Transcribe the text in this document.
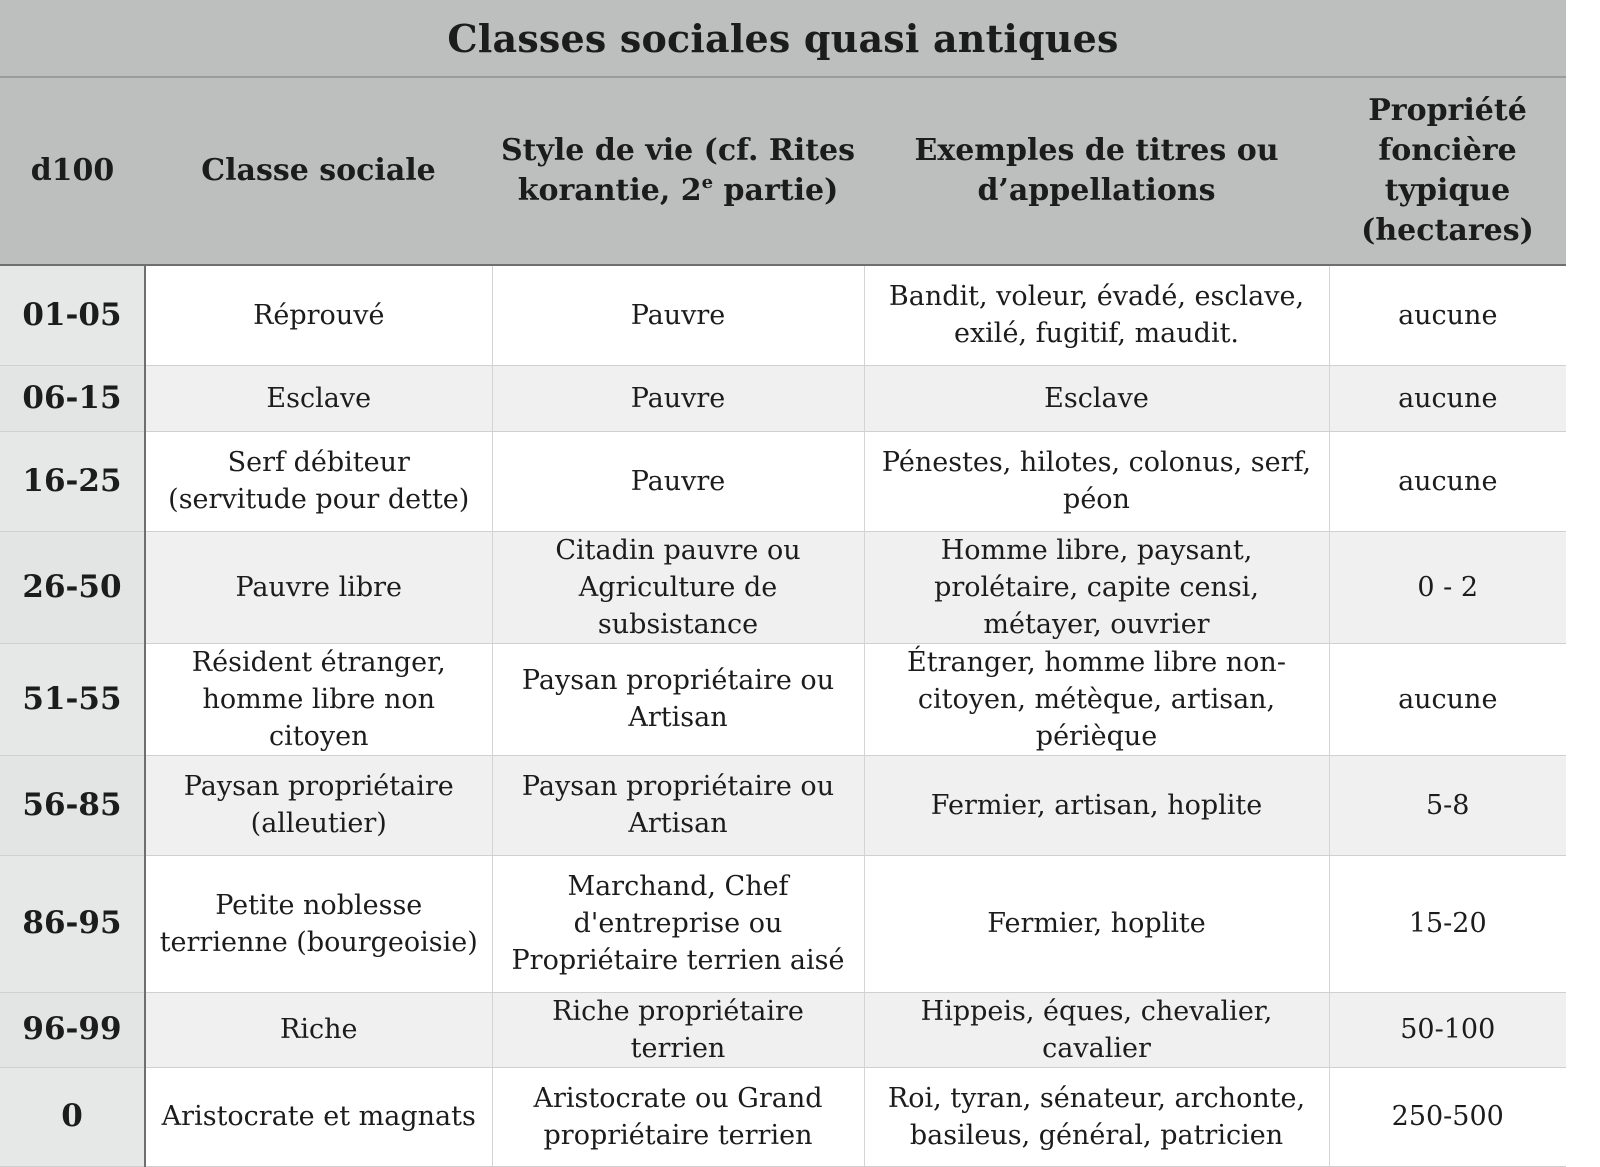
Classes sociales quasi antiques
d100	Classe sociale	Style de vie (cf. Rites korantie, 2e partie)	Exemples de titres ou d’appellations	Propriété foncière typique (hectares)
01-05	Réprouvé	Pauvre	Bandit, voleur, évadé, esclave, exilé, fugitif, maudit.	aucune
06-15	Esclave	Pauvre	Esclave	aucune
16-25	Serf débiteur (servitude pour dette)	Pauvre	Pénestes, hilotes, colonus, serf, péon	aucune
26-50	Pauvre libre	Citadin pauvre ou Agriculture de subsistance	Homme libre, paysant, prolétaire, capite censi, métayer, ouvrier	0 - 2
51-55	Résident étranger, homme libre non citoyen	Paysan propriétaire ou Artisan	Étranger, homme libre non-citoyen, métèque, artisan, périèque	aucune
56-85	Paysan propriétaire (alleutier)	Paysan propriétaire ou Artisan	Fermier, artisan, hoplite	5-8
86-95	Petite noblesse terrienne (bourgeoisie)	Marchand, Chef d'entreprise ou Propriétaire terrien aisé	Fermier, hoplite	15-20
96-99	Riche	Riche propriétaire terrien	Hippeis, éques, chevalier, cavalier	50-100
0	Aristocrate et magnats	Aristocrate ou Grand propriétaire terrien	Roi, tyran, sénateur, archonte, basileus, général, patricien	250-500
